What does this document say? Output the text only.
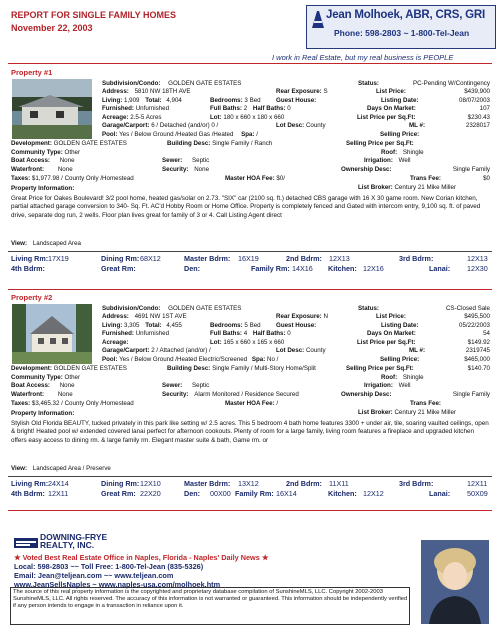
REPORT FOR SINGLE FAMILY HOMES
November 22, 2003
Jean Molhoek, ABR, CRS, GRI
Phone: 598-2803 ~ 1-800-Tel-Jean
I work in Real Estate, but my real business is PEOPLE
Property #1
Subdivision/Condo: GOLDEN GATE ESTATES
Address: 5810 NW 18TH AVE
Living: 1,909 Total: 4,904	Bedrooms: 3 Bed
Furnished: Unfurnished	Full Baths: 2 Half Baths: 0
Acreage: 2.5-5 Acres	Lot: 180 x 660 x 180 x 660
Garage/Carport: 6 / Detached (and/or) 0 /
Pool: Yes / Below Ground /Heated Gas /Heated Spa: /
Status:	PC-Pending W/Contingency
Rear Exposure: S	List Price:	$439,900
Guest House:	Listing Date:	08/07/2003
Days On Market:	107
List Price per Sq.Ft:	$230.43
Lot Desc: County	ML #:	2328017
Selling Price:
Development: GOLDEN GATE ESTATES	Building Desc: Single Family / Ranch	Selling Price per Sq.Ft:
Community Type: Other	Roof: Shingle
Boat Access: None	Sewer: Septic	Irrigation: Well
Waterfront: None	Security: None	Ownership Desc:	Single Family
Taxes: $1,977.98 / County Only /Homestead	Master HOA Fee: $0/	Trans Fee:	$0
Property Information:	List Broker: Century 21 Mike Miller
Great Price for Oakes Boulevard! 3/2 pool home, heated gas/solar on 2.73. "SIX" car (2100 sq. ft.) detached CBS garage with 16 X 30 game room. New Corian kitchen, partial attached garage conversion to 340- Sq. Ft. AC'd Hobby Room or Home Office. Property is completely fenced and Gated with intercom entry, 9,100 sq. ft. of paved drive, separate dog run, 2 wells. Floor plan lives great for family of 3 or 4. Call Listing Agent direct
View: Landscaped Area
Living Rm: 17X19	Dining Rm: 68X12	Master Bdrm: 16X19	2nd Bdrm: 12X13	3rd Bdrm:	12X13
4th Bdrm:	Great Rm:	Den:	Family Rm: 14X16 Kitchen: 12X16	Lanai: 12X30
Property #2
Subdivision/Condo: GOLDEN GATE ESTATES
Address: 4691 NW 1ST AVE
Living: 3,305 Total: 4,455	Bedrooms: 5 Bed
Furnished: Unfurnished	Full Baths: 4 Half Baths: 0
Acreage:	Lot: 165 x 660 x 165 x 660
Garage/Carport: 2 / Attached (and/or) /
Pool: Yes / Below Ground /Heated Electric/Screened Spa: No /
Status:	CS-Closed Sale
Rear Exposure: N	List Price:	$495,500
Guest House:	Listing Date:	05/22/2003
Days On Market:	54
List Price per Sq.Ft:	$149.92
Lot Desc: County	ML #:	2319745
Selling Price:	$465,000
Development: GOLDEN GATE ESTATES	Building Desc: Single Family / Multi-Story Home/Split	Selling Price per Sq.Ft:	$140.70
Community Type: Other	Roof: Shingle
Boat Access: None	Sewer: Septic	Irrigation: Well
Waterfront: None	Security: Alarm Monitored / Residence Secured	Ownership Desc:	Single Family
Taxes: $3,465.32 / County Only /Homestead	Master HOA Fee: /	Trans Fee:
Property Information:	List Broker: Century 21 Mike Miller
Stylish Old Florida BEAUTY, tucked privately in this park like setting w/ 2.5 acres. This 5 bedroom 4 bath home features 3300 + under air, tile, soaring vaulted ceilings, open & bright! Heated pool w/ extended covered lanai perfect for afternoon cookouts. Plenty of room for a large family, living room features a fireplace and upgraded kitchen offers easy access to dining rm. & large family rm. Elegant master suite & bath, Game rm. or
View: Landscaped Area / Preserve
Living Rm: 24X14	Dining Rm: 12X10	Master Bdrm: 13X12	2nd Bdrm: 11X11	3rd Bdrm:	12X11
4th Bdrm: 12X11	Great Rm: 22X20	Den: 00X00 Family Rm: 16X14	Kitchen: 12X12	Lanai: 50X09
DOWNING-FRYE
REALTY, INC.
★ Voted Best Real Estate Office in Naples, Florida - Naples' Daily News ★
Local: 598-2803 ~~ Toll Free: 1-800-Tel-Jean (835-5326)
Email: Jean@teljean.com ~~ www.teljean.com
www.JeanSellsNaples ~ www.naples-usa.com/molhoek.htm
The source of this real property information is the copyrighted and proprietary database compilation of SunshineMLS, LLC. Copyright 2002-2003 SunshineMLS, LLC. All rights reserved. The accuracy of this information is not warranted or guaranteed. This information should be independently verified if any person intends to engage in a transaction in reliance upon it.
